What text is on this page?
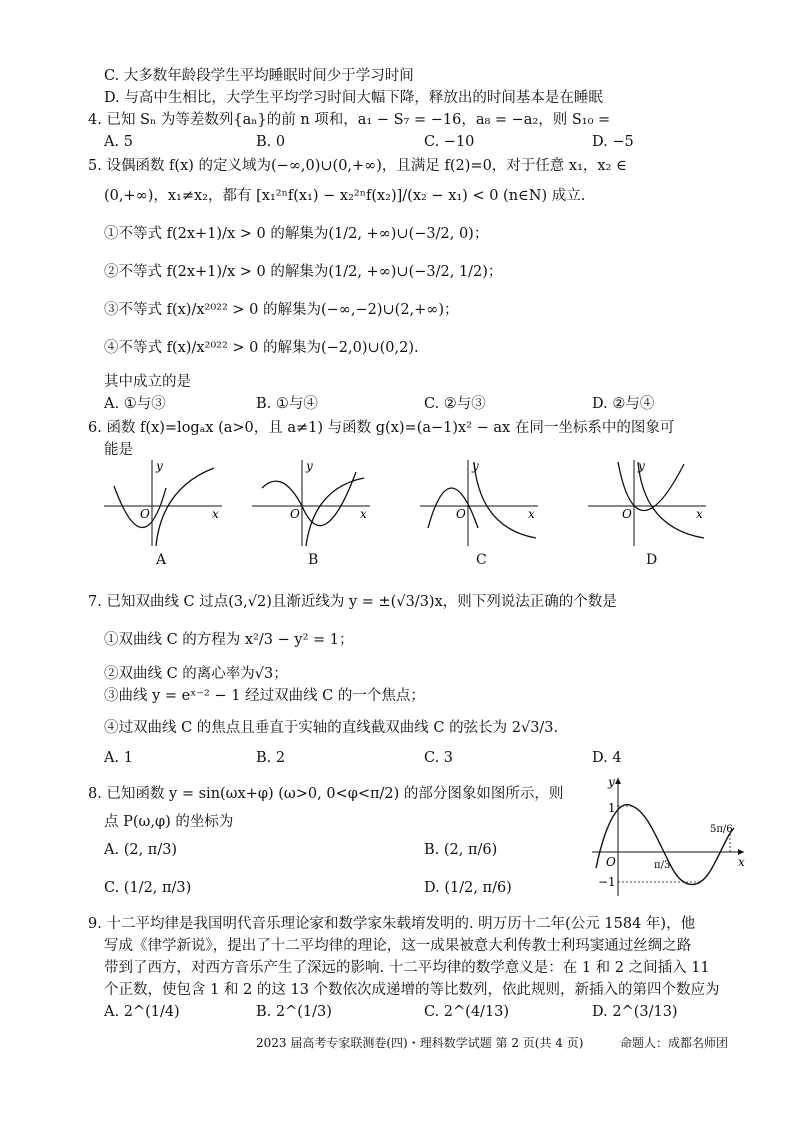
C. 大多数年龄段学生平均睡眠时间少于学习时间
D. 与高中生相比，大学生平均学习时间大幅下降，释放出的时间基本是在睡眠
4. 已知 Sₙ 为等差数列{aₙ}的前 n 项和，a₁ − S₇ = −16，a₈ = −a₂，则 S₁₀ =
A. 5	B. 0	C. −10	D. −5
5. 设偶函数 f(x) 的定义域为(−∞,0)∪(0,+∞)，且满足 f(2)=0，对于任意 x₁，x₂ ∈
(0,+∞)，x₁≠x₂，都有 [x₁²ⁿf(x₁) − x₂²ⁿf(x₂)]/(x₂ − x₁) < 0 (n∈N) 成立.
①不等式 f(2x+1)/x > 0 的解集为(1/2, +∞)∪(−3/2, 0)；
②不等式 f(2x+1)/x > 0 的解集为(1/2, +∞)∪(−3/2, 1/2)；
③不等式 f(x)/x²⁰²² > 0 的解集为(−∞,−2)∪(2,+∞)；
④不等式 f(x)/x²⁰²² > 0 的解集为(−2,0)∪(0,2).
其中成立的是
A. ①与③	B. ①与④	C. ②与③	D. ②与④
6. 函数 f(x)=logₐx (a>0，且 a≠1) 与函数 g(x)=(a−1)x² − ax 在同一坐标系中的图象可
能是
O	x
y
A
O	x
y
B
O	x
y
C
O	x
y
D
7. 已知双曲线 C 过点(3,√2)且渐近线为 y = ±(√3/3)x，则下列说法正确的个数是
①双曲线 C 的方程为 x²/3 − y² = 1；
②双曲线 C 的离心率为√3；
③曲线 y = eˣ⁻² − 1 经过双曲线 C 的一个焦点；
④过双曲线 C 的焦点且垂直于实轴的直线截双曲线 C 的弦长为 2√3/3.
A. 1	B. 2	C. 3	D. 4
8. 已知函数 y = sin(ωx+φ) (ω>0, 0<φ<π/2) 的部分图象如图所示，则
点 P(ω,φ) 的坐标为
A. (2, π/3)	B. (2, π/6)
C. (1/2, π/3)	D. (1/2, π/6)
y
x
1
−1
O	π/3
5π/6
9. 十二平均律是我国明代音乐理论家和数学家朱载堉发明的. 明万历十二年(公元 1584 年)，他
写成《律学新说》，提出了十二平均律的理论，这一成果被意大利传教士利玛窦通过丝绸之路
带到了西方，对西方音乐产生了深远的影响. 十二平均律的数学意义是：在 1 和 2 之间插入 11
个正数，使包含 1 和 2 的这 13 个数依次成递增的等比数列，依此规则，新插入的第四个数应为
A. 2^(1/4)	B. 2^(1/3)	C. 2^(4/13)	D. 2^(3/13)
2023 届高考专家联测卷(四)・理科数学试题 第 2 页(共 4 页)	命题人：成都名师团
